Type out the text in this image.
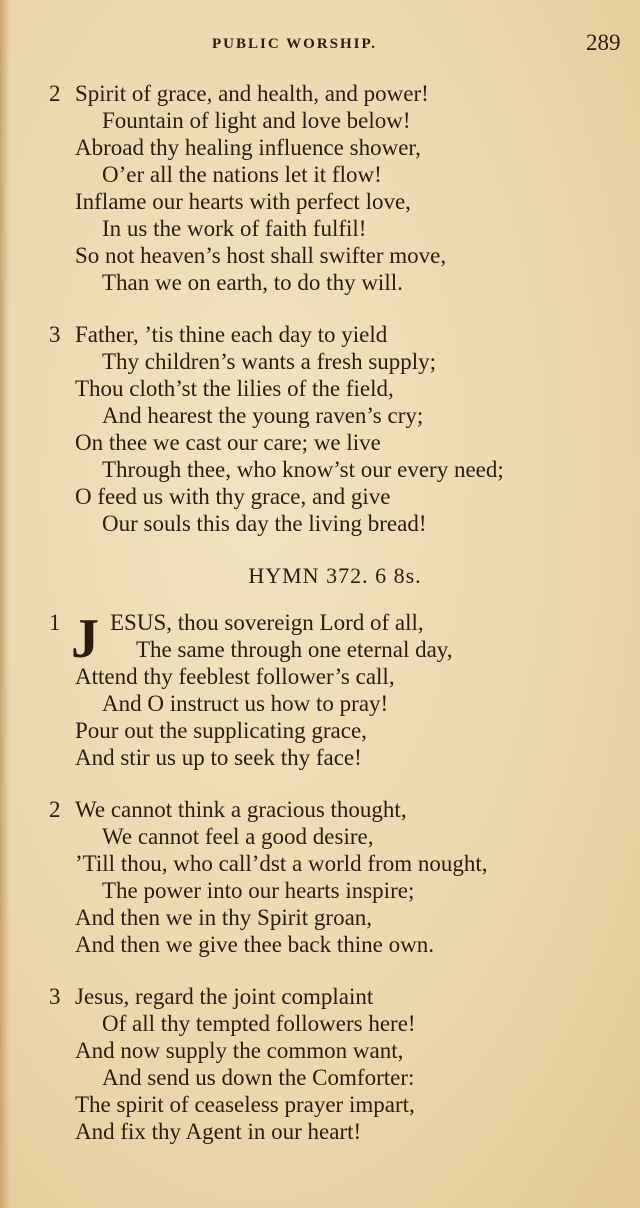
PUBLIC WORSHIP.	289
2 Spirit of grace, and health, and power!
Fountain of light and love below!
Abroad thy healing influence shower,
O’er all the nations let it flow!
Inflame our hearts with perfect love,
In us the work of faith fulfil!
So not heaven’s host shall swifter move,
Than we on earth, to do thy will.
3 Father, ’tis thine each day to yield
Thy children’s wants a fresh supply;
Thou cloth’st the lilies of the field,
And hearest the young raven’s cry;
On thee we cast our care; we live
Through thee, who know’st our every need;
O feed us with thy grace, and give
Our souls this day the living bread!
HYMN 372. 6 8s.
1 J ESUS, thou sovereign Lord of all,
The same through one eternal day,
Attend thy feeblest follower’s call,
And O instruct us how to pray!
Pour out the supplicating grace,
And stir us up to seek thy face!
2 We cannot think a gracious thought,
We cannot feel a good desire,
’Till thou, who call’dst a world from nought,
The power into our hearts inspire;
And then we in thy Spirit groan,
And then we give thee back thine own.
3 Jesus, regard the joint complaint
Of all thy tempted followers here!
And now supply the common want,
And send us down the Comforter:
The spirit of ceaseless prayer impart,
And fix thy Agent in our heart!
